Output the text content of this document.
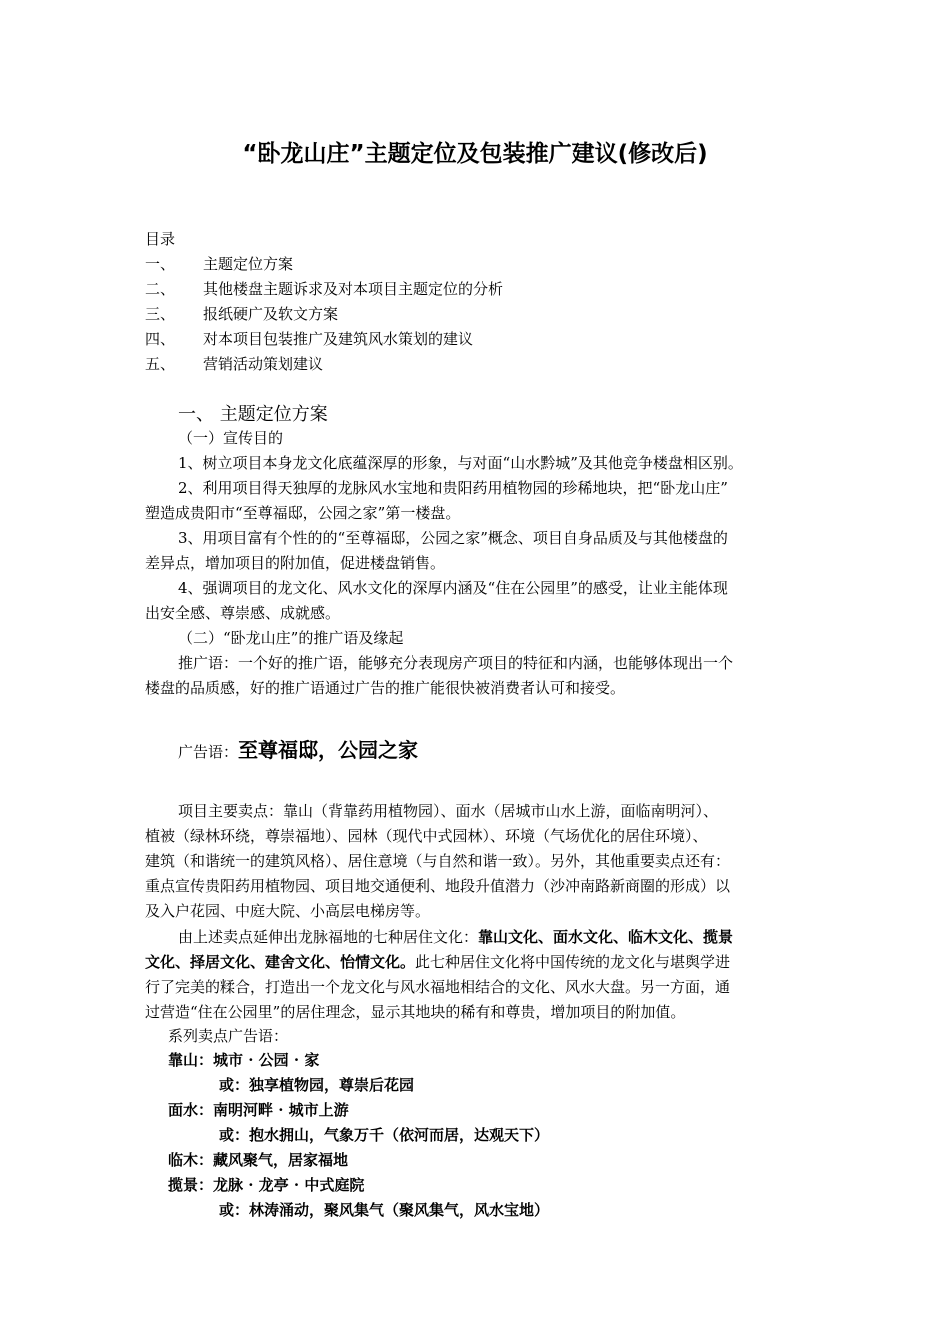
“卧龙山庄”主题定位及包装推广建议(修改后)
目录
一、 主题定位方案
二、 其他楼盘主题诉求及对本项目主题定位的分析
三、 报纸硬广及软文方案
四、 对本项目包装推广及建筑风水策划的建议
五、 营销活动策划建议
一、 主题定位方案
（一）宣传目的
1、树立项目本身龙文化底蕴深厚的形象，与对面“山水黔城”及其他竞争楼盘相区别。
2、利用项目得天独厚的龙脉风水宝地和贵阳药用植物园的珍稀地块，把“卧龙山庄”
塑造成贵阳市“至尊福邸，公园之家”第一楼盘。
3、用项目富有个性的的“至尊福邸，公园之家”概念、项目自身品质及与其他楼盘的
差异点，增加项目的附加值，促进楼盘销售。
4、强调项目的龙文化、风水文化的深厚内涵及“住在公园里”的感受，让业主能体现
出安全感、尊崇感、成就感。
（二）“卧龙山庄”的推广语及缘起
推广语：一个好的推广语，能够充分表现房产项目的特征和内涵，也能够体现出一个
楼盘的品质感，好的推广语通过广告的推广能很快被消费者认可和接受。
广告语：至尊福邸，公园之家
项目主要卖点：靠山（背靠药用植物园）、面水（居城市山水上游，面临南明河）、
植被（绿林环绕，尊崇福地）、园林（现代中式园林）、环境（气场优化的居住环境）、
建筑（和谐统一的建筑风格）、居住意境（与自然和谐一致）。另外，其他重要卖点还有：
重点宣传贵阳药用植物园、项目地交通便利、地段升值潜力（沙冲南路新商圈的形成）以
及入户花园、中庭大院、小高层电梯房等。
由上述卖点延伸出龙脉福地的七种居住文化：靠山文化、面水文化、临木文化、揽景
文化、择居文化、建舍文化、怡情文化。此七种居住文化将中国传统的龙文化与堪舆学进
行了完美的糅合，打造出一个龙文化与风水福地相结合的文化、风水大盘。另一方面，通
过营造“住在公园里”的居住理念，显示其地块的稀有和尊贵，增加项目的附加值。
系列卖点广告语：
靠山：城市 · 公园 · 家
或：独享植物园，尊崇后花园
面水：南明河畔 · 城市上游
或：抱水拥山，气象万千（依河而居，达观天下）
临木：藏风聚气，居家福地
揽景：龙脉 · 龙亭 · 中式庭院
或：林涛涌动，聚风集气（聚风集气，风水宝地）
